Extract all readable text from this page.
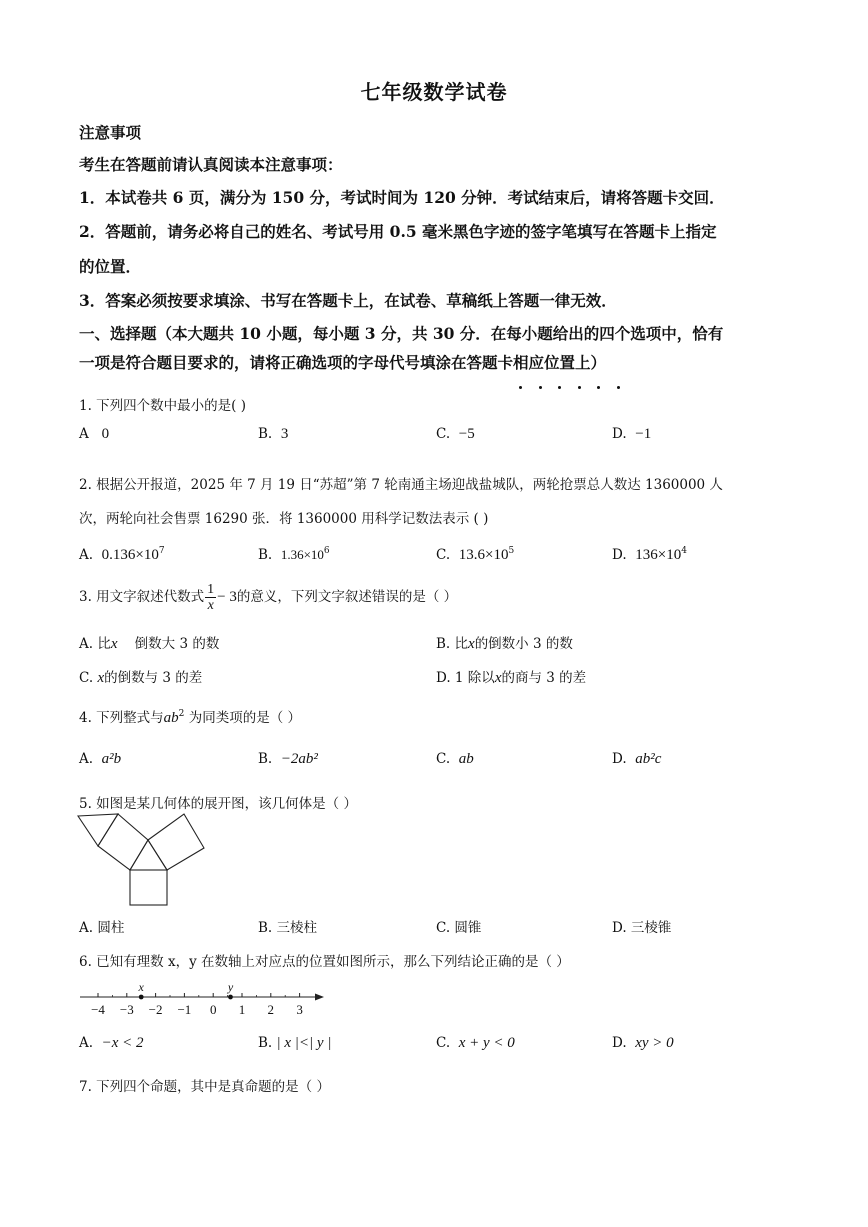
七年级数学试卷
注意事项
考生在答题前请认真阅读本注意事项：
1．本试卷共 6 页，满分为 150 分，考试时间为 120 分钟．考试结束后，请将答题卡交回．
2．答题前，请务必将自己的姓名、考试号用 0.5 毫米黑色字迹的签字笔填写在答题卡上指定
的位置．
3．答案必须按要求填涂、书写在答题卡上，在试卷、草稿纸上答题一律无效．
一、选择题（本大题共 10 小题，每小题 3 分，共 30 分．在每小题给出的四个选项中，恰有
一项是符合题目要求的，请将正确选项的字母代号填涂在答题卡相应位置上）
1. 下列四个数中最小的是( )
A 0	B. 3	C. −5	D. −1
2. 根据公开报道，2025 年 7 月 19 日“苏超”第 7 轮南通主场迎战盐城队，两轮抢票总人数达 1360000 人
次，两轮向社会售票 16290 张．将 1360000 用科学记数法表示 ( )
A. $0.136\times 10^7$	B. $1.36\times 10^6$	C. $13.6\times 10^5$	D. $136\times 10^4$
3. 用文字叙述代数式 $\frac{1}{x} - 3$的意义，下列文字叙述错误的是（ ）
A. 比x    倒数大 3 的数	B. 比x的倒数小 3 的数
C. x的倒数与 3 的差	D. 1 除以x的商与 3 的差
4. 下列整式与$ab^2$ 为同类项的是（ ）
A. a²b	B. −2ab²	C. ab	D. ab²c
5. 如图是某几何体的展开图，该几何体是（ ）
A. 圆柱	B. 三棱柱	C. 圆锥	D. 三棱锥
6. 已知有理数 x，y 在数轴上对应点的位置如图所示，那么下列结论正确的是（ ）
−4 −3 −2 −1 0 1 2 3
x	y
A. −x < 2	B. | x |<| y |	C. x + y < 0	D. xy > 0
7. 下列四个命题，其中是真命题的是（ ）
